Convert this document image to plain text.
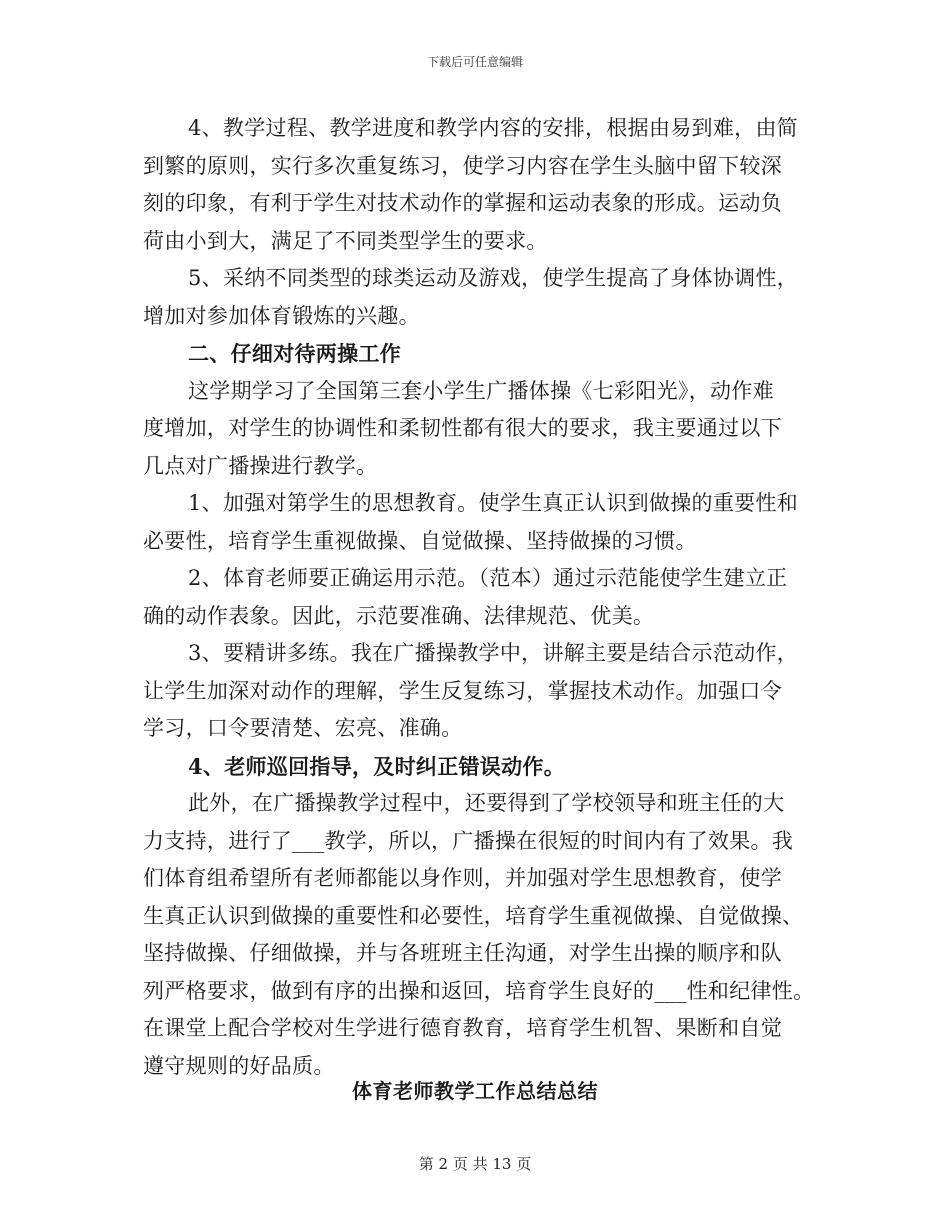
下载后可任意编辑
4、教学过程、教学进度和教学内容的安排，根据由易到难，由简
到繁的原则，实行多次重复练习，使学习内容在学生头脑中留下较深
刻的印象，有利于学生对技术动作的掌握和运动表象的形成。运动负
荷由小到大，满足了不同类型学生的要求。
5、采纳不同类型的球类运动及游戏，使学生提高了身体协调性，
增加对参加体育锻炼的兴趣。
二、仔细对待两操工作
这学期学习了全国第三套小学生广播体操《七彩阳光》，动作难
度增加，对学生的协调性和柔韧性都有很大的要求，我主要通过以下
几点对广播操进行教学。
1、加强对第学生的思想教育。使学生真正认识到做操的重要性和
必要性，培育学生重视做操、自觉做操、坚持做操的习惯。
2、体育老师要正确运用示范。（范本）通过示范能使学生建立正
确的动作表象。因此，示范要准确、法律规范、优美。
3、要精讲多练。我在广播操教学中，讲解主要是结合示范动作，
让学生加深对动作的理解，学生反复练习，掌握技术动作。加强口令
学习，口令要清楚、宏亮、准确。
4、老师巡回指导，及时纠正错误动作。
此外，在广播操教学过程中，还要得到了学校领导和班主任的大
力支持，进行了___教学，所以，广播操在很短的时间内有了效果。我
们体育组希望所有老师都能以身作则，并加强对学生思想教育，使学
生真正认识到做操的重要性和必要性，培育学生重视做操、自觉做操、
坚持做操、仔细做操，并与各班班主任沟通，对学生出操的顺序和队
列严格要求，做到有序的出操和返回，培育学生良好的___性和纪律性。
在课堂上配合学校对生学进行德育教育，培育学生机智、果断和自觉
遵守规则的好品质。
体育老师教学工作总结总结
第 2 页 共 13 页
